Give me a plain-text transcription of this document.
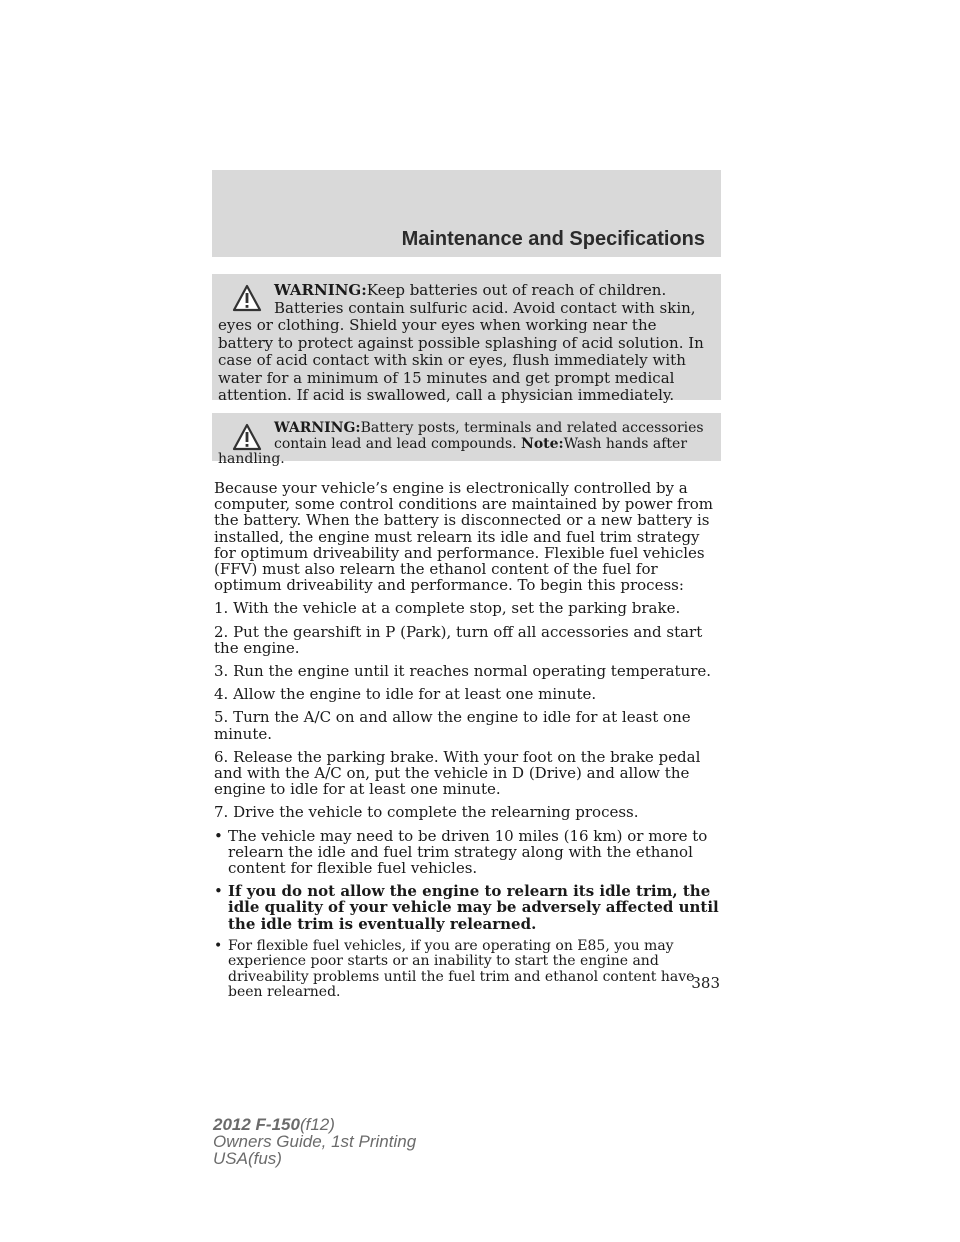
Maintenance and Specifications
WARNING:Keep batteries out of reach of children. Batteries contain sulfuric acid. Avoid contact with skin, eyes or clothing. Shield your eyes when working near the battery to protect against possible splashing of acid solution. In case of acid contact with skin or eyes, flush immediately with water for a minimum of 15 minutes and get prompt medical attention. If acid is swallowed, call a physician immediately.
WARNING:Battery posts, terminals and related accessories contain lead and lead compounds. Note:Wash hands after handling.

Because your vehicle’s engine is electronically controlled by a computer, some control conditions are maintained by power from the battery. When the battery is disconnected or a new battery is installed, the engine must relearn its idle and fuel trim strategy for optimum driveability and performance. Flexible fuel vehicles (FFV) must also relearn the ethanol content of the fuel for optimum driveability and performance. To begin this process:

1. With the vehicle at a complete stop, set the parking brake.

2. Put the gearshift in P (Park), turn off all accessories and start the engine.

3. Run the engine until it reaches normal operating temperature.

4. Allow the engine to idle for at least one minute.

5. Turn the A/C on and allow the engine to idle for at least one minute.

6. Release the parking brake. With your foot on the brake pedal and with the A/C on, put the vehicle in D (Drive) and allow the engine to idle for at least one minute.

7. Drive the vehicle to complete the relearning process.

• The vehicle may need to be driven 10 miles (16 km) or more to relearn the idle and fuel trim strategy along with the ethanol content for flexible fuel vehicles.
• If you do not allow the engine to relearn its idle trim, the idle quality of your vehicle may be adversely affected until the idle trim is eventually relearned.
• For flexible fuel vehicles, if you are operating on E85, you may experience poor starts or an inability to start the engine and driveability problems until the fuel trim and ethanol content have been relearned.
383
2012 F-150(f12)
Owners Guide, 1st Printing
USA(fus)
